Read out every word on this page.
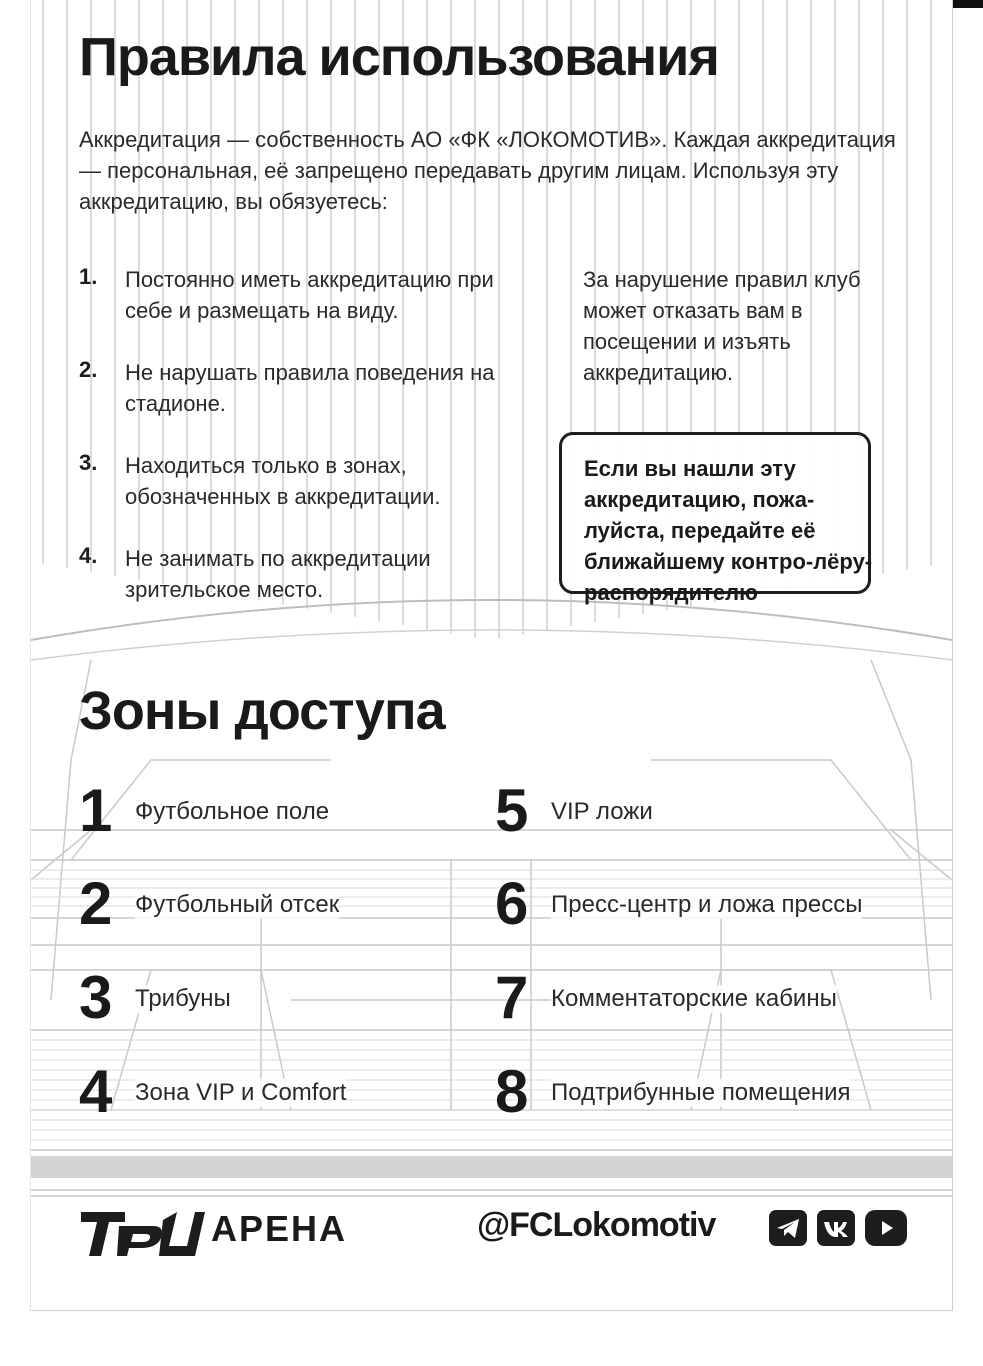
Правила использования

Аккредитация — собственность АО «ФК «ЛОКОМОТИВ». Каждая аккредитация — персональная, её запрещено передавать другим лицам. Используя эту аккредитацию, вы обязуетесь:

1. Постоянно иметь аккредитацию при себе и размещать на виду.
2. Не нарушать правила поведения на стадионе.
3. Находиться только в зонах, обозначенных в аккредитации.
4. Не занимать по аккредитации зрительское место.

За нарушение правил клуб может отказать вам в посещении и изъять аккредитацию.

Если вы нашли эту аккредитацию, пожа-луйста, передайте её ближайшему контро-лёру-распорядителю

Зоны доступа
1 Футбольное поле
2 Футбольный отсек
3 Трибуны
4 Зона VIP и Comfort
5 VIP ложи
6 Пресс-центр и ложа прессы
7 Комментаторские кабины
8 Подтрибунные помещения
АРЕНА	@FCLokomotiv
